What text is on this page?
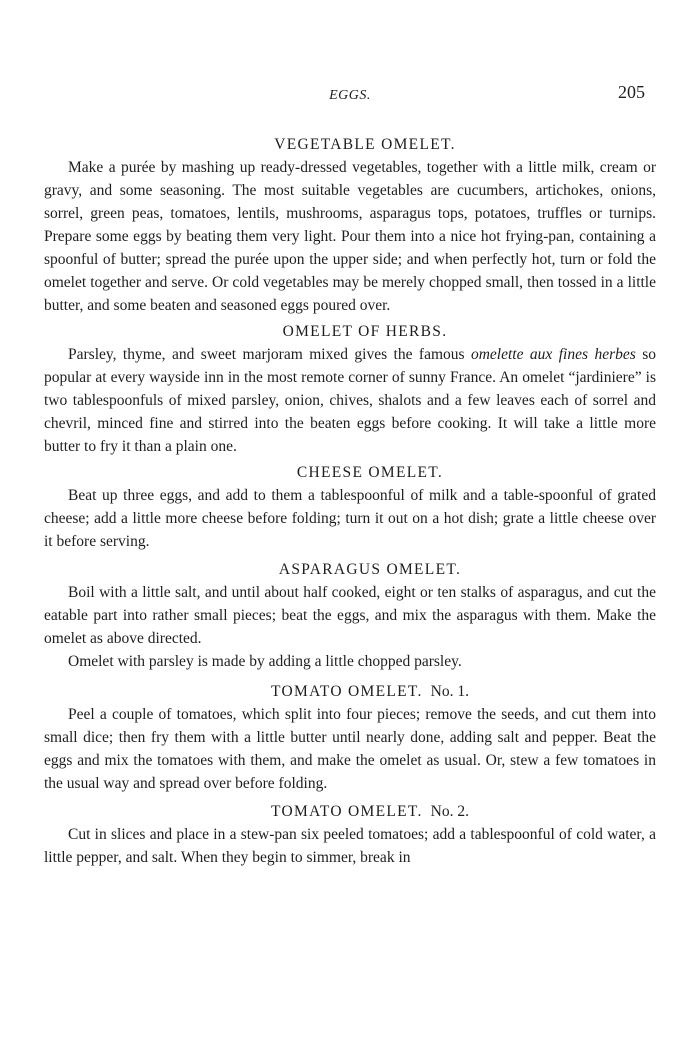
EGGS.	205
VEGETABLE OMELET.

Make a purée by mashing up ready-dressed vegetables, together with a little milk, cream or gravy, and some seasoning. The most suitable vegetables are cucumbers, artichokes, onions, sorrel, green peas, tomatoes, lentils, mushrooms, asparagus tops, potatoes, truffles or turnips. Prepare some eggs by beating them very light. Pour them into a nice hot frying-pan, containing a spoonful of butter; spread the purée upon the upper side; and when perfectly hot, turn or fold the omelet together and serve. Or cold vegetables may be merely chopped small, then tossed in a little butter, and some beaten and seasoned eggs poured over.

OMELET OF HERBS.

Parsley, thyme, and sweet marjoram mixed gives the famous omelette aux fines herbes so popular at every wayside inn in the most remote corner of sunny France. An omelet “jardiniere” is two tablespoonfuls of mixed parsley, onion, chives, shalots and a few leaves each of sorrel and chevril, minced fine and stirred into the beaten eggs before cooking. It will take a little more butter to fry it than a plain one.

CHEESE OMELET.

Beat up three eggs, and add to them a tablespoonful of milk and a table-spoonful of grated cheese; add a little more cheese before folding; turn it out on a hot dish; grate a little cheese over it before serving.

ASPARAGUS OMELET.

Boil with a little salt, and until about half cooked, eight or ten stalks of asparagus, and cut the eatable part into rather small pieces; beat the eggs, and mix the asparagus with them. Make the omelet as above directed.

Omelet with parsley is made by adding a little chopped parsley.

TOMATO OMELET. No. 1.

Peel a couple of tomatoes, which split into four pieces; remove the seeds, and cut them into small dice; then fry them with a little butter until nearly done, adding salt and pepper. Beat the eggs and mix the tomatoes with them, and make the omelet as usual. Or, stew a few tomatoes in the usual way and spread over before folding.

TOMATO OMELET. No. 2.

Cut in slices and place in a stew-pan six peeled tomatoes; add a tablespoonful of cold water, a little pepper, and salt. When they begin to simmer, break in
